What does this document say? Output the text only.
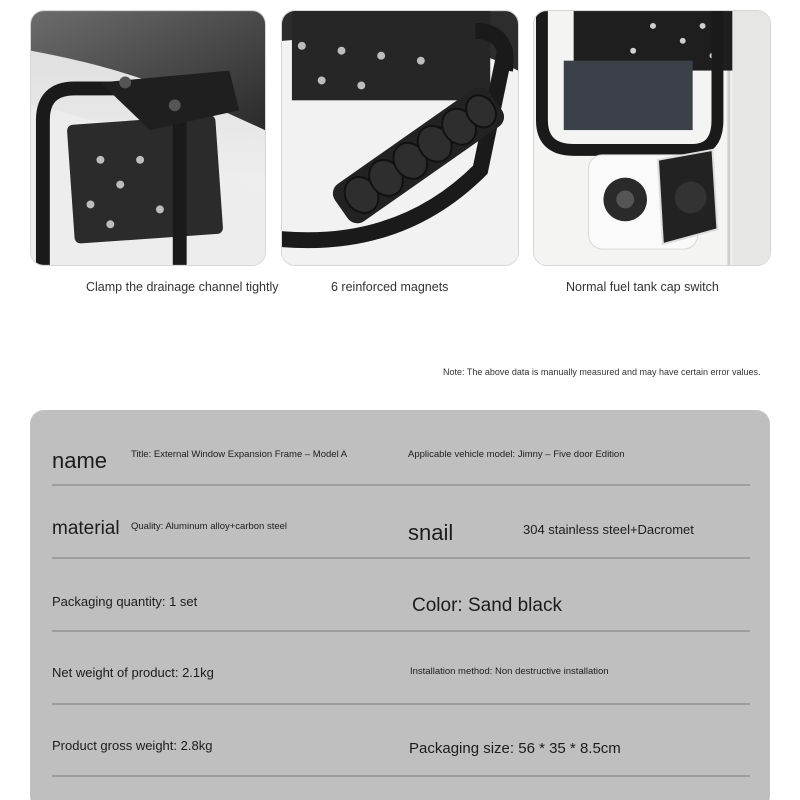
Clamp the drainage channel tightly	6 reinforced magnets	Normal fuel tank cap switch
Note: The above data is manually measured and may have certain error values.
name	Title: External Window Expansion Frame – Model A	Applicable vehicle model: Jimny – Five door Edition
material Quality: Aluminum alloy+carbon steel	snail	304 stainless steel+Dacromet
Packaging quantity: 1 set	Color: Sand black
Net weight of product: 2.1kg	Installation method: Non destructive installation
Product gross weight: 2.8kg	Packaging size: 56 * 35 * 8.5cm
